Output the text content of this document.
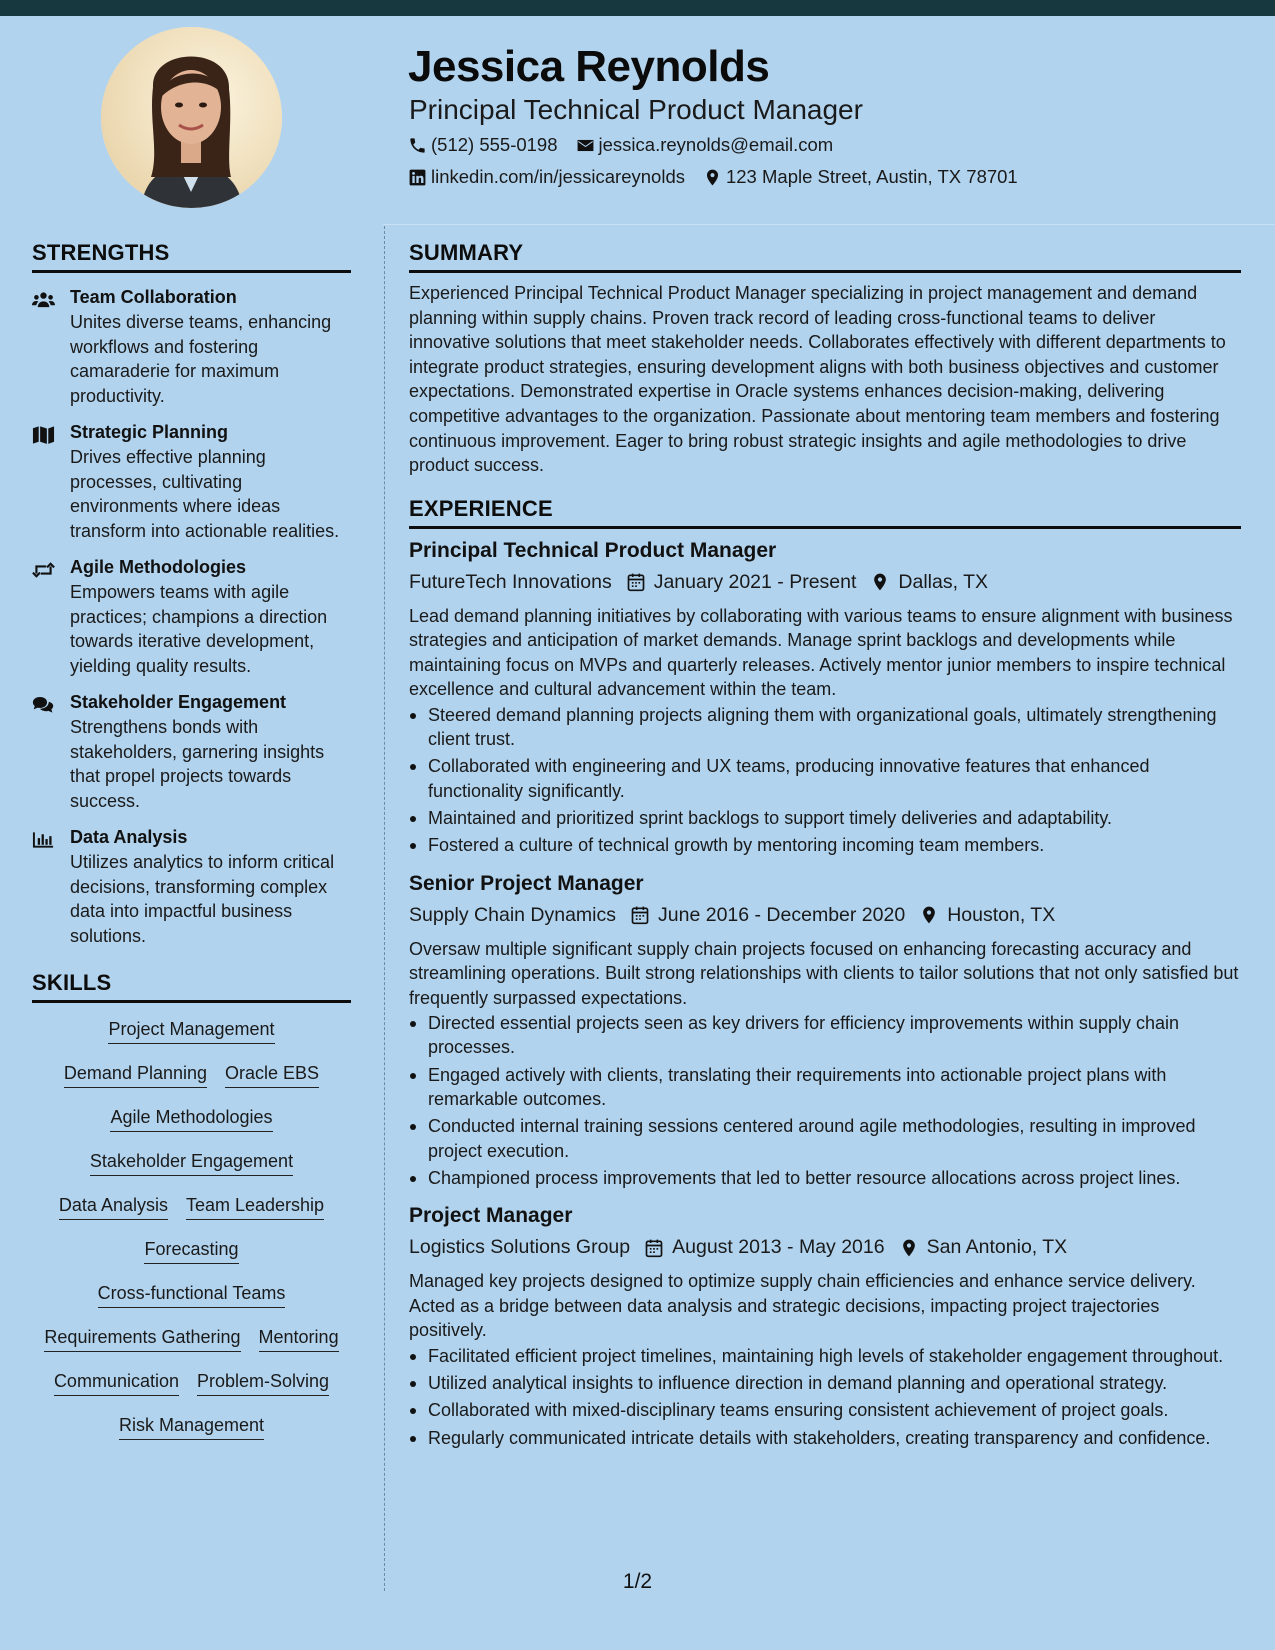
Jessica Reynolds
Principal Technical Product Manager
(512) 555-0198 jessica.reynolds@email.com
linkedin.com/in/jessicareynolds 123 Maple Street, Austin, TX 78701
STRENGTHS
Team Collaboration
Unites diverse teams, enhancing workflows and fostering camaraderie for maximum productivity.
Strategic Planning
Drives effective planning processes, cultivating environments where ideas transform into actionable realities.
Agile Methodologies
Empowers teams with agile practices; champions a direction towards iterative development, yielding quality results.
Stakeholder Engagement
Strengthens bonds with stakeholders, garnering insights that propel projects towards success.
Data Analysis
Utilizes analytics to inform critical decisions, transforming complex data into impactful business solutions.
SKILLS
Project Management
Demand Planning Oracle EBS
Agile Methodologies
Stakeholder Engagement
Data Analysis Team Leadership
Forecasting
Cross-functional Teams
Requirements Gathering Mentoring
Communication Problem-Solving
Risk Management
SUMMARY
Experienced Principal Technical Product Manager specializing in project management and demand planning within supply chains. Proven track record of leading cross-functional teams to deliver innovative solutions that meet stakeholder needs. Collaborates effectively with different departments to integrate product strategies, ensuring development aligns with both business objectives and customer expectations. Demonstrated expertise in Oracle systems enhances decision-making, delivering competitive advantages to the organization. Passionate about mentoring team members and fostering continuous improvement. Eager to bring robust strategic insights and agile methodologies to drive product success.
EXPERIENCE
Principal Technical Product Manager
FutureTech Innovations January 2021 - Present Dallas, TX
Lead demand planning initiatives by collaborating with various teams to ensure alignment with business strategies and anticipation of market demands. Manage sprint backlogs and developments while maintaining focus on MVPs and quarterly releases. Actively mentor junior members to inspire technical excellence and cultural advancement within the team.
Steered demand planning projects aligning them with organizational goals, ultimately strengthening client trust.
Collaborated with engineering and UX teams, producing innovative features that enhanced functionality significantly.
Maintained and prioritized sprint backlogs to support timely deliveries and adaptability.
Fostered a culture of technical growth by mentoring incoming team members.
Senior Project Manager
Supply Chain Dynamics June 2016 - December 2020 Houston, TX
Oversaw multiple significant supply chain projects focused on enhancing forecasting accuracy and streamlining operations. Built strong relationships with clients to tailor solutions that not only satisfied but frequently surpassed expectations.
Directed essential projects seen as key drivers for efficiency improvements within supply chain processes.
Engaged actively with clients, translating their requirements into actionable project plans with remarkable outcomes.
Conducted internal training sessions centered around agile methodologies, resulting in improved project execution.
Championed process improvements that led to better resource allocations across project lines.
Project Manager
Logistics Solutions Group August 2013 - May 2016 San Antonio, TX
Managed key projects designed to optimize supply chain efficiencies and enhance service delivery. Acted as a bridge between data analysis and strategic decisions, impacting project trajectories positively.
Facilitated efficient project timelines, maintaining high levels of stakeholder engagement throughout.
Utilized analytical insights to influence direction in demand planning and operational strategy.
Collaborated with mixed-disciplinary teams ensuring consistent achievement of project goals.
Regularly communicated intricate details with stakeholders, creating transparency and confidence.
1/2
